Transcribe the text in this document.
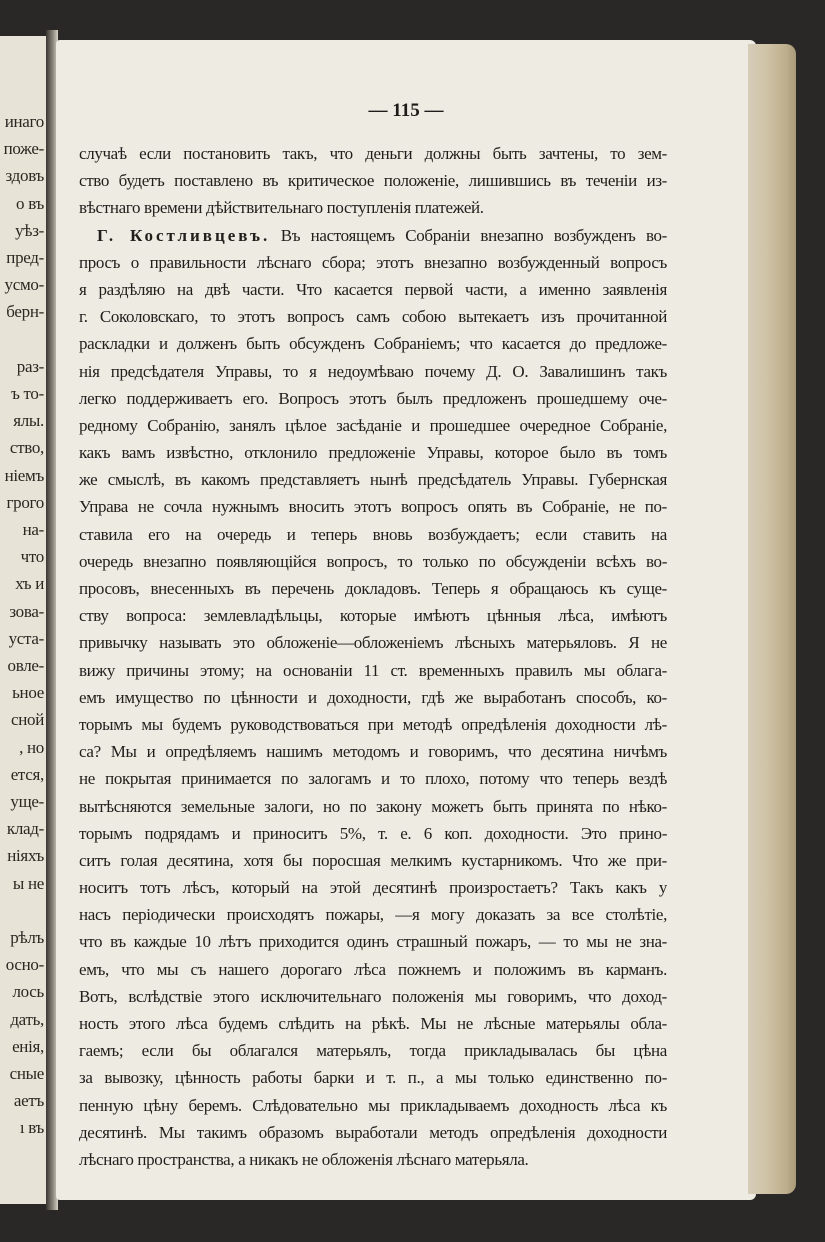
инаго

поже-

здовъ

о въ

уѣз-

пред-

усмо-

берн-

раз-

ъ то-

ялы.

ство,

ніемъ

грого

на-

что

хъ и

зова-

уста-

овле-

ьное

сной

, но

ется,

уще-

клад-

ніяхъ

ы не

рѣлъ

осно-

лось

дать,

енія,

сные

аетъ

ı въ

— 115 —

случаѣ если постановить такъ, что деньги должны быть зачтены, то зем-
ство будетъ поставлено въ критическое положеніе, лишившись въ теченіи из-
вѣстнаго времени дѣйствительнаго поступленія платежей.
Г. Костливцевъ. Въ настоящемъ Собраніи внезапно возбужденъ во-
просъ о правильности лѣснаго сбора; этотъ внезапно возбужденный вопросъ
я раздѣляю на двѣ части. Что касается первой части, а именно заявленія
г. Соколовскаго, то этотъ вопросъ самъ собою вытекаетъ изъ прочитанной
раскладки и долженъ быть обсужденъ Собраніемъ; что касается до предложе-
нія предсѣдателя Управы, то я недоумѣваю почему Д. О. Завалишинъ такъ
легко поддерживаетъ его. Вопросъ этотъ былъ предложенъ прошедшему оче-
редному Собранію, занялъ цѣлое засѣданіе и прошедшее очередное Собраніе,
какъ вамъ извѣстно, отклонило предложеніе Управы, которое было въ томъ
же смыслѣ, въ какомъ представляетъ нынѣ предсѣдатель Управы. Губернская
Управа не сочла нужнымъ вносить этотъ вопросъ опять въ Собраніе, не по-
ставила его на очередь и теперь вновь возбуждаетъ; если ставить на
очередь внезапно появляющійся вопросъ, то только по обсужденіи всѣхъ во-
просовъ, внесенныхъ въ перечень докладовъ. Теперь я обращаюсь къ суще-
ству вопроса: землевладѣльцы, которые имѣютъ цѣнныя лѣса, имѣютъ
привычку называть это обложеніе—обложеніемъ лѣсныхъ матерьяловъ. Я не
вижу причины этому; на основаніи 11 ст. временныхъ правилъ мы облага-
емъ имущество по цѣнности и доходности, гдѣ же выработанъ способъ, ко-
торымъ мы будемъ руководствоваться при методѣ опредѣленія доходности лѣ-
са? Мы и опредѣляемъ нашимъ методомъ и говоримъ, что десятина ничѣмъ
не покрытая принимается по залогамъ и то плохо, потому что теперь вездѣ
вытѣсняются земельные залоги, но по закону можетъ быть принята по нѣко-
торымъ подрядамъ и приноситъ 5%, т. е. 6 коп. доходности. Это прино-
ситъ голая десятина, хотя бы поросшая мелкимъ кустарникомъ. Что же при-
носитъ тотъ лѣсъ, который на этой десятинѣ произростаетъ? Такъ какъ у
насъ періодически происходятъ пожары, —я могу доказать за все столѣтіе,
что въ каждые 10 лѣтъ приходится одинъ страшный пожаръ, — то мы не зна-
емъ, что мы съ нашего дорогаго лѣса пожнемъ и положимъ въ карманъ.
Вотъ, вслѣдствіе этого исключительнаго положенія мы говоримъ, что доход-
ность этого лѣса будемъ слѣдить на рѣкѣ. Мы не лѣсные матерьялы обла-
гаемъ; если бы облагался матерьялъ, тогда прикладывалась бы цѣна
за вывозку, цѣнность работы барки и т. п., а мы только единственно по-
пенную цѣну беремъ. Слѣдовательно мы прикладываемъ доходность лѣса къ
десятинѣ. Мы такимъ образомъ выработали методъ опредѣленія доходности
лѣснаго пространства, а никакъ не обложенія лѣснаго матерьяла.
